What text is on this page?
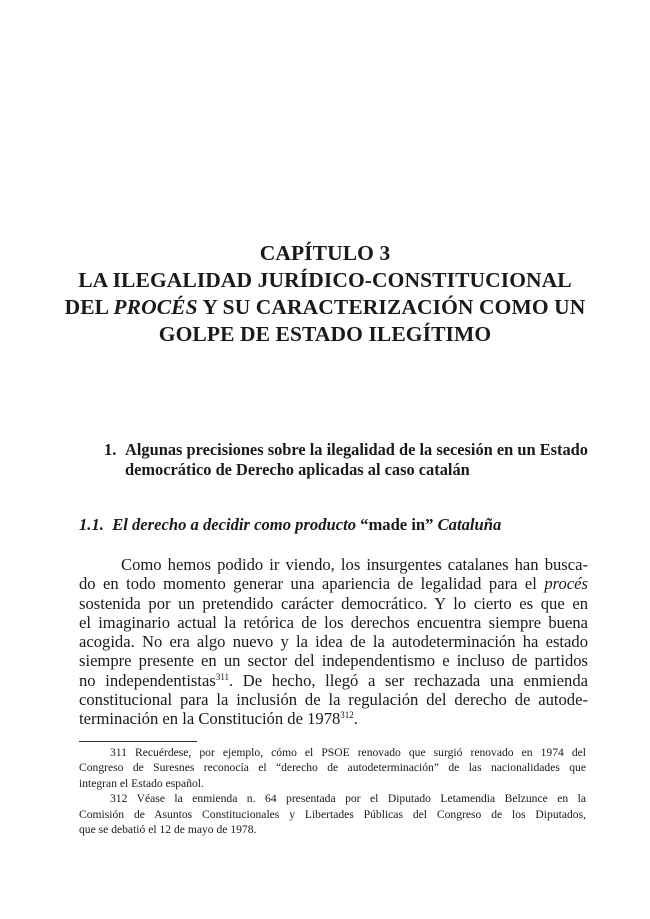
CAPÍTULO 3
LA ILEGALIDAD JURÍDICO-CONSTITUCIONAL
DEL PROCÉS Y SU CARACTERIZACIÓN COMO UN
GOLPE DE ESTADO ILEGÍTIMO
1. Algunas precisiones sobre la ilegalidad de la secesión en un Estado democrático de Derecho aplicadas al caso catalán
1.1. El derecho a decidir como producto “made in” Cataluña

Como hemos podido ir viendo, los insurgentes catalanes han busca-
do en todo momento generar una apariencia de legalidad para el procés
sostenida por un pretendido carácter democrático. Y lo cierto es que en
el imaginario actual la retórica de los derechos encuentra siempre buena
acogida. No era algo nuevo y la idea de la autodeterminación ha estado
siempre presente en un sector del independentismo e incluso de partidos
no independentistas$^{311}$. De hecho, llegó a ser rechazada una enmienda
constitucional para la inclusión de la regulación del derecho de autode-
terminación en la Constitución de 1978$^{312}$.

311 Recuérdese, por ejemplo, cómo el PSOE renovado que surgió renovado en 1974 del
Congreso de Suresnes reconocía el “derecho de autodeterminación” de las nacionalidades que
integran el Estado español.
312 Véase la enmienda n. 64 presentada por el Diputado Letamendia Belzunce en la
Comisión de Asuntos Constitucionales y Libertades Públicas del Congreso de los Diputados,
que se debatió el 12 de mayo de 1978.
